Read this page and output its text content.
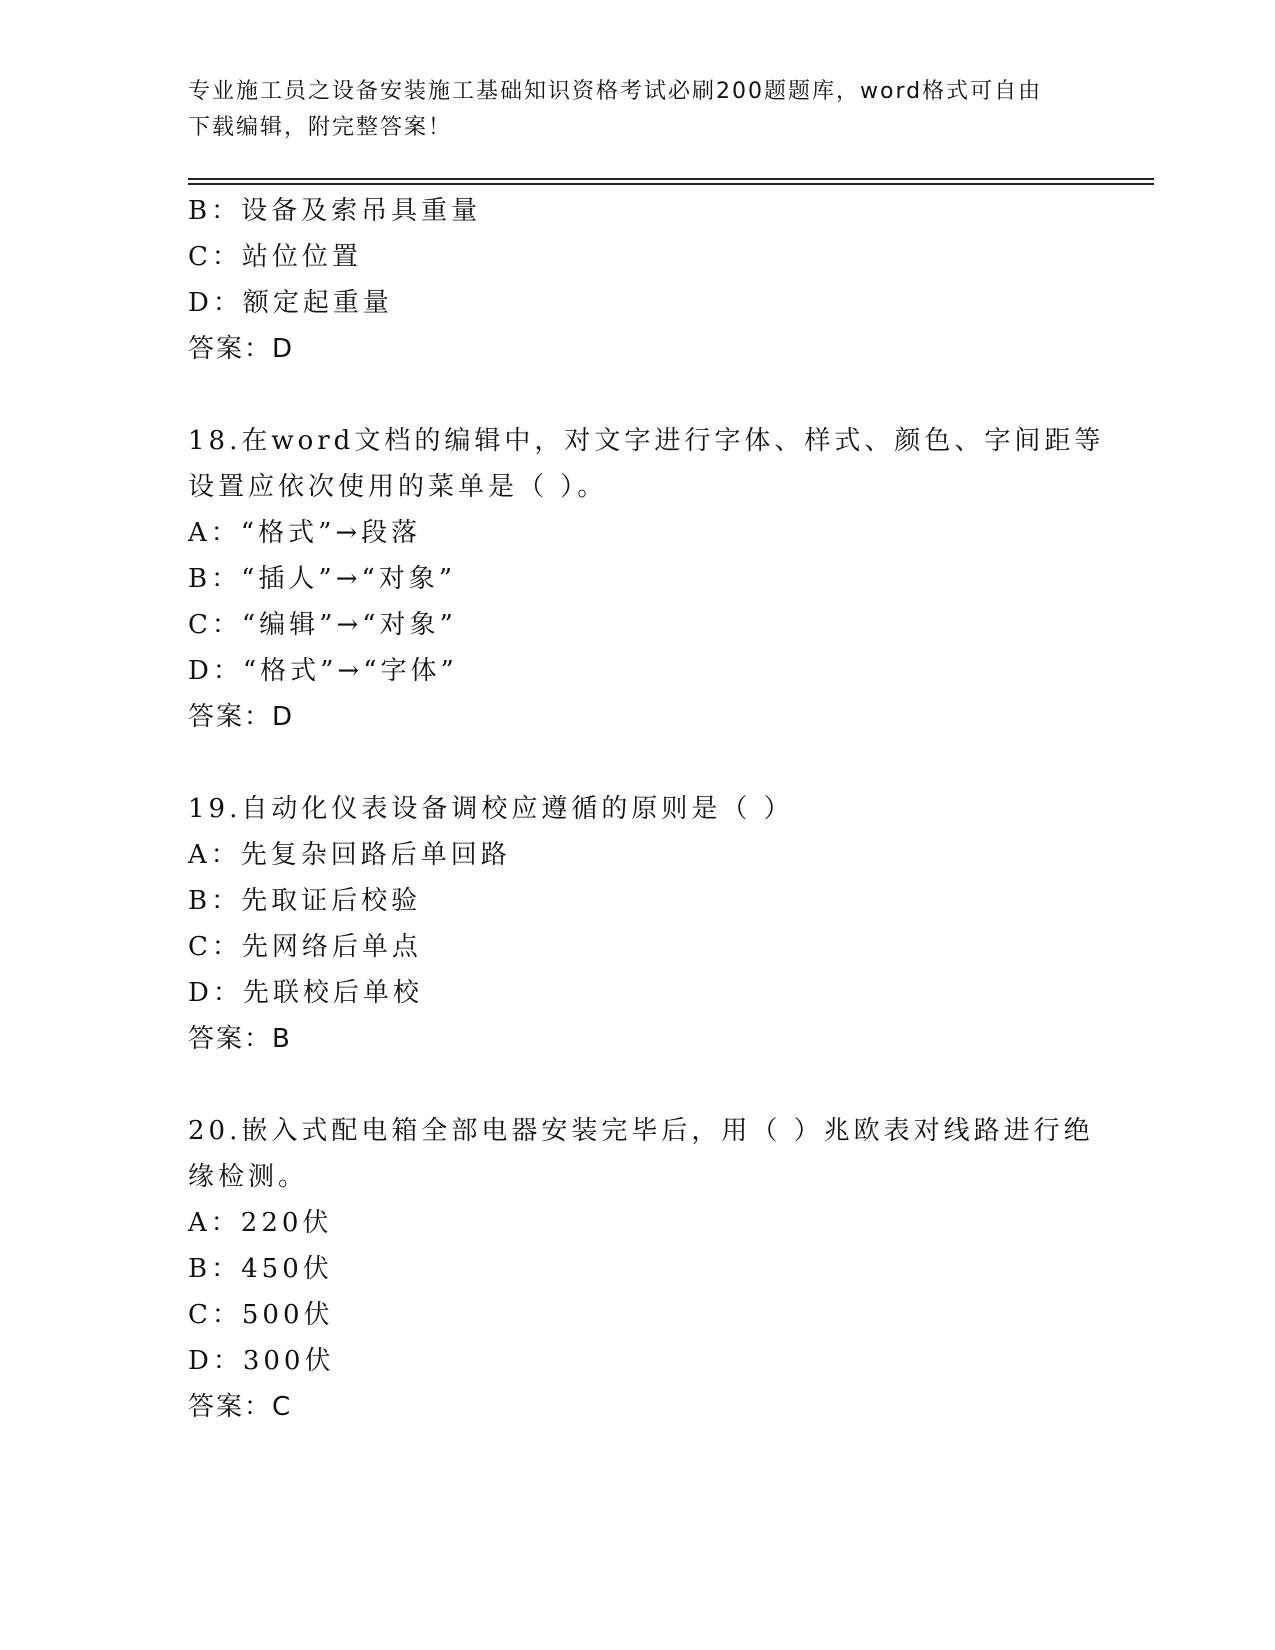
专业施工员之设备安装施工基础知识资格考试必刷200题题库，word格式可自由
下载编辑，附完整答案！
B：设备及索吊具重量
C：站位位置
D：额定起重量
答案：D
18.在word文档的编辑中，对文字进行字体、样式、颜色、字间距等
设置应依次使用的菜单是（ ）。
A：“格式”→段落
B：“插人”→“对象”
C：“编辑”→“对象”
D：“格式”→“字体”
答案：D
19.自动化仪表设备调校应遵循的原则是（ ）
A：先复杂回路后单回路
B：先取证后校验
C：先网络后单点
D：先联校后单校
答案：B
20.嵌入式配电箱全部电器安装完毕后，用（ ）兆欧表对线路进行绝
缘检测。
A：220伏
B：450伏
C：500伏
D：300伏
答案：C
